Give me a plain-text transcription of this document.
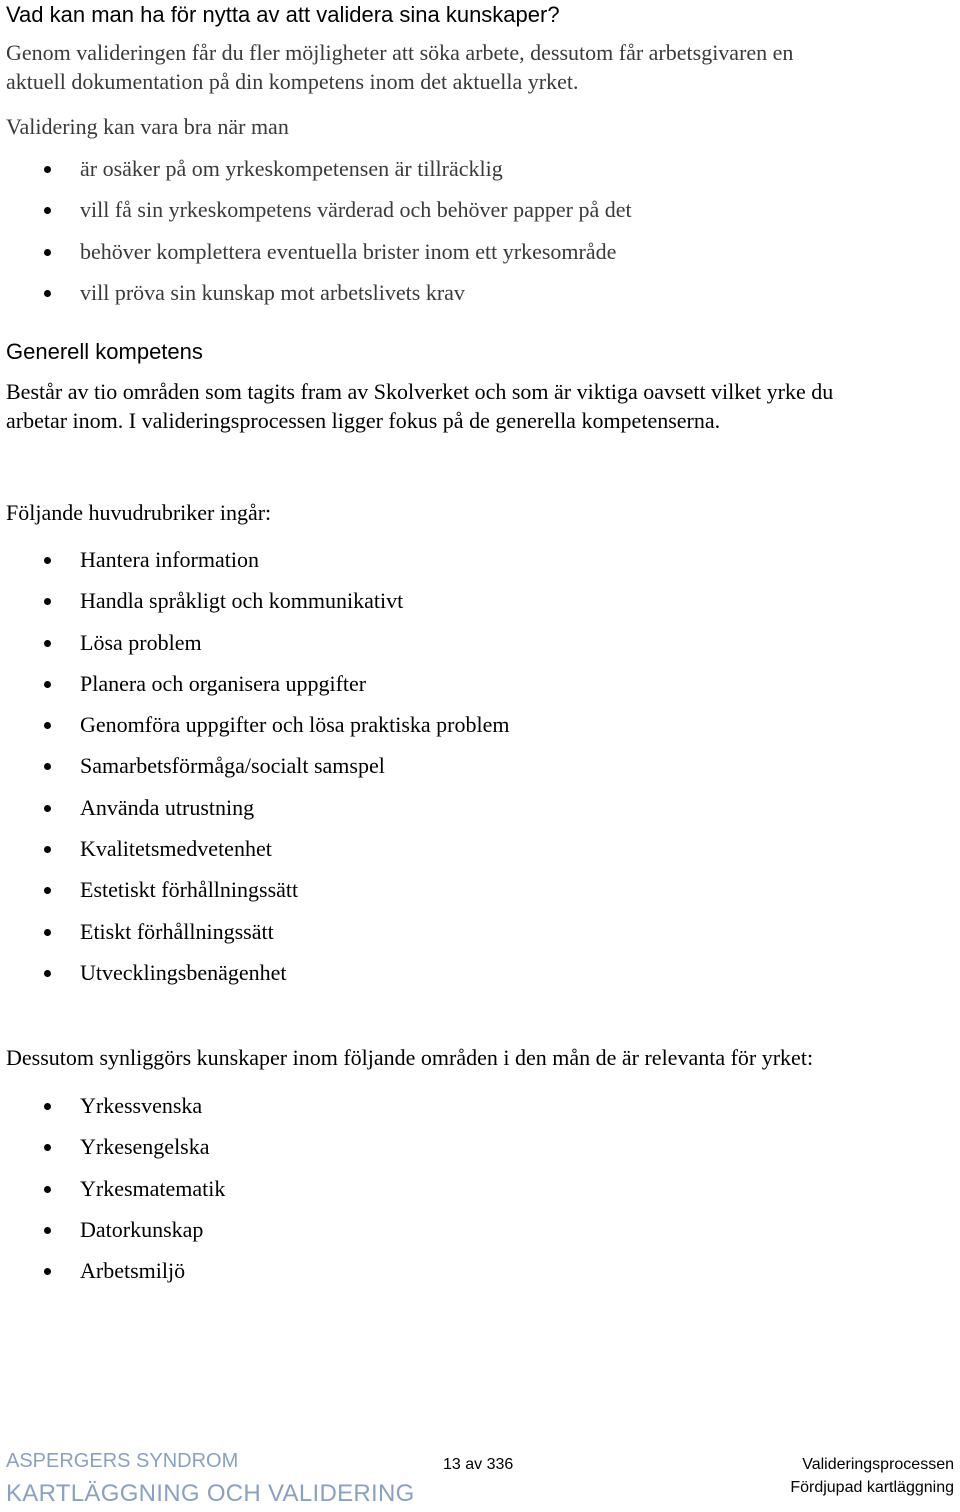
Vad kan man ha för nytta av att validera sina kunskaper?

Genom valideringen får du fler möjligheter att söka arbete, dessutom får arbetsgivaren en

aktuell dokumentation på din kompetens inom det aktuella yrket.

Validering kan vara bra när man

är osäker på om yrkeskompetensen är tillräcklig
vill få sin yrkeskompetens värderad och behöver papper på det
behöver komplettera eventuella brister inom ett yrkesområde
vill pröva sin kunskap mot arbetslivets krav
Generell kompetens

Består av tio områden som tagits fram av Skolverket och som är viktiga oavsett vilket yrke du

arbetar inom. I valideringsprocessen ligger fokus på de generella kompetenserna.

Följande huvudrubriker ingår:

Hantera information
Handla språkligt och kommunikativt
Lösa problem
Planera och organisera uppgifter
Genomföra uppgifter och lösa praktiska problem
Samarbetsförmåga/socialt samspel
Använda utrustning
Kvalitetsmedvetenhet
Estetiskt förhållningssätt
Etiskt förhållningssätt
Utvecklingsbenägenhet

Dessutom synliggörs kunskaper inom följande områden i den mån de är relevanta för yrket:

Yrkessvenska
Yrkesengelska
Yrkesmatematik
Datorkunskap
Arbetsmiljö
ASPERGERS SYNDROM
KARTLÄGGNING OCH VALIDERING
13 av 336	Valideringsprocessen
Fördjupad kartläggning
